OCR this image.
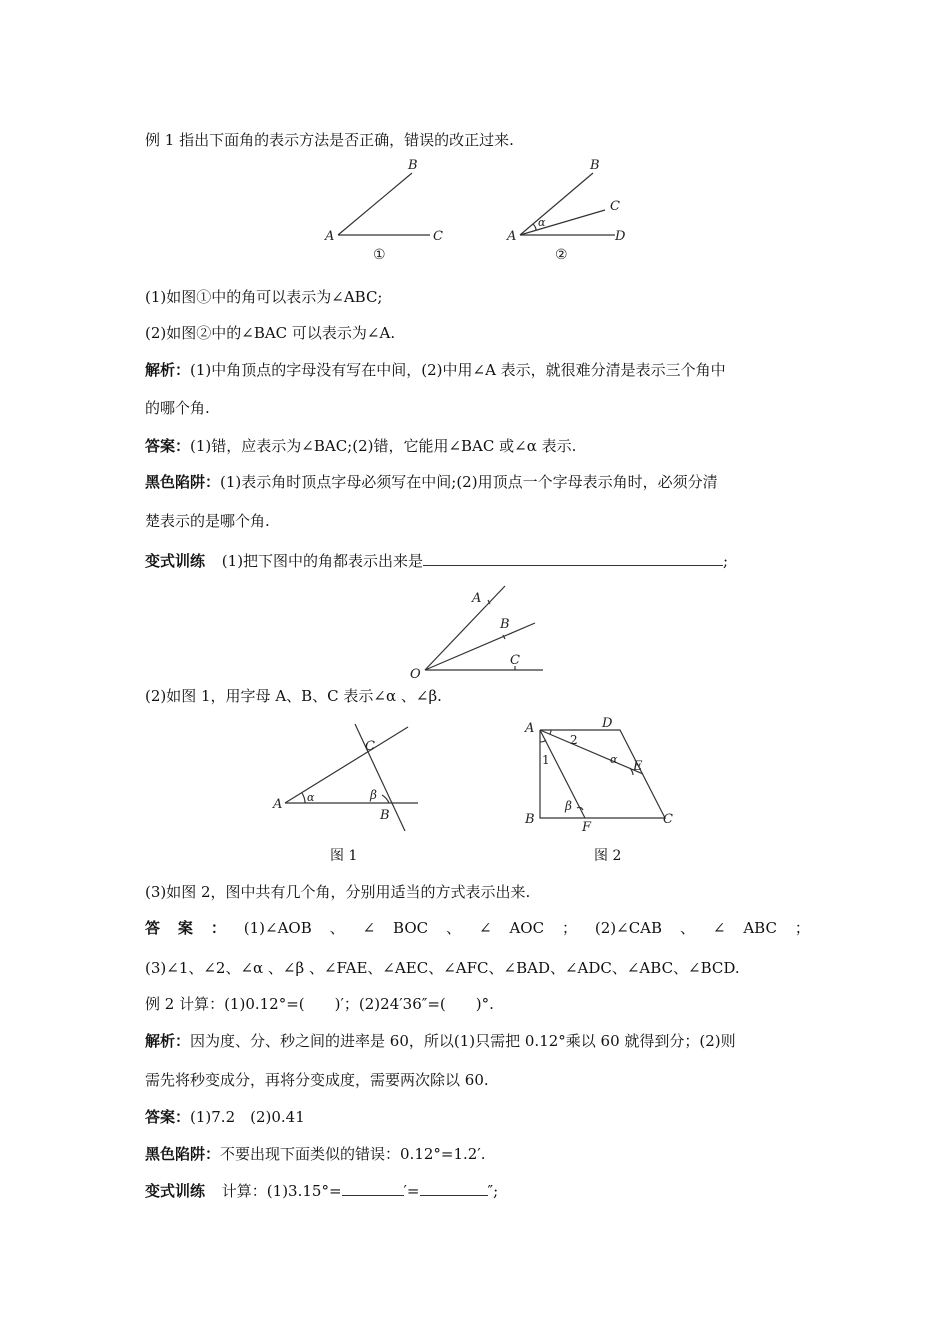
例 1 指出下面角的表示方法是否正确，错误的改正过来.
B
A	C
①
B
C
A	D
α
②
(1)如图①中的角可以表示为∠ABC;
(2)如图②中的∠BAC 可以表示为∠A.
解析：(1)中角顶点的字母没有写在中间，(2)中用∠A 表示，就很难分清是表示三个角中
的哪个角.
答案：(1)错，应表示为∠BAC;(2)错，它能用∠BAC 或∠α 表示.
黑色陷阱：(1)表示角时顶点字母必须写在中间;(2)用顶点一个字母表示角时，必须分清
楚表示的是哪个角.
变式训练 (1)把下图中的角都表示出来是	;
A
B
C
O
(2)如图 1，用字母 A、B、C 表示∠α 、∠β.
C
A
B
α	β
图 1
A	D
E
B
F
C
1
2
α
β
图 2
(3)如图 2，图中共有几个角，分别用适当的方式表示出来.
答 案 ： (1)∠AOB 、 ∠ BOC 、 ∠ AOC ； (2)∠CAB 、 ∠ ABC ；
(3)∠1、∠2、∠α 、∠β 、∠FAE、∠AEC、∠AFC、∠BAD、∠ADC、∠ABC、∠BCD.
例 2 计算：(1)0.12°=(　　)′；(2)24′36″=(　　)°.
解析：因为度、分、秒之间的进率是 60，所以(1)只需把 0.12°乘以 60 就得到分；(2)则
需先将秒变成分，再将分变成度，需要两次除以 60.
答案：(1)7.2　(2)0.41
黑色陷阱：不要出现下面类似的错误：0.12°=1.2′.
变式训练 计算：(1)3.15°=	′=	″;
